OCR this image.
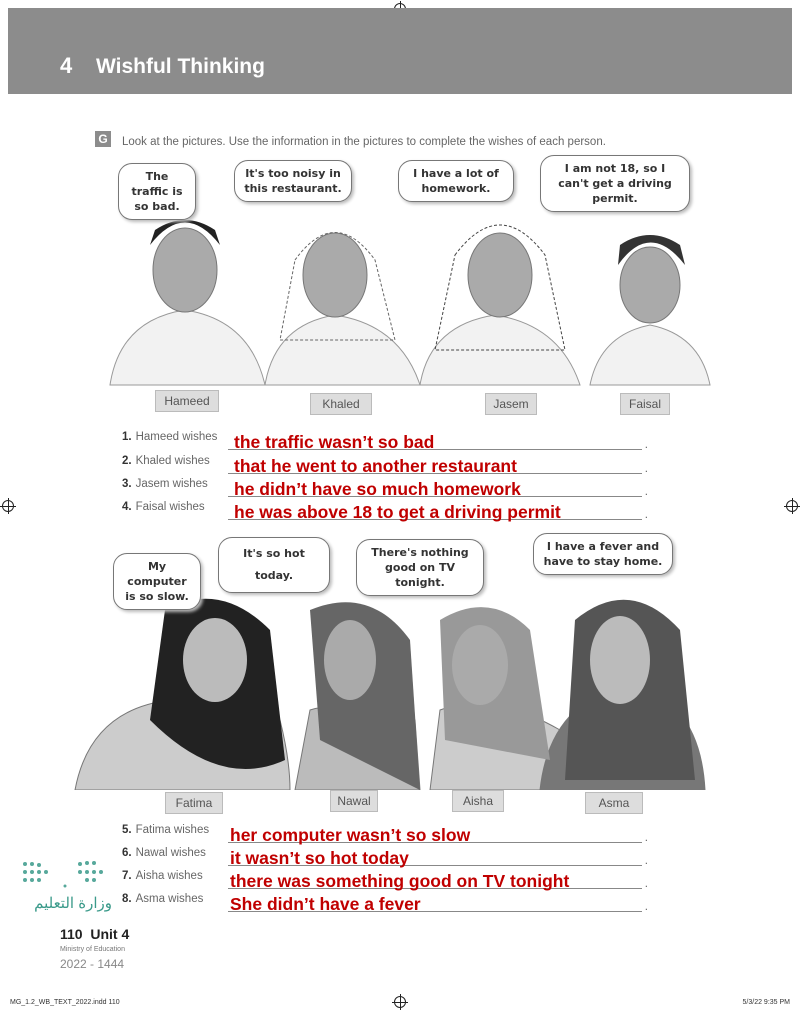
4 Wishful Thinking
G Look at the pictures. Use the information in the pictures to complete the wishes of each person.
The traffic is so bad.
It's too noisy in this restaurant.
I have a lot of homework.
I am not 18, so I can't get a driving permit.
Hameed	Khaled	Jasem	Faisal
1. Hameed wishes the traffic wasn’t so bad	.
2. Khaled wishes that he went to another restaurant	.
3. Jasem wishes he didn’t have so much homework	.
4. Faisal wishes he was above 18 to get a driving permit	.
My computer is so slow.
It's so hot today.
There's nothing good on TV tonight.
I have a fever and have to stay home.
Fatima	Nawal	Aisha	Asma
5. Fatima wishes her computer wasn’t so slow	.
6. Nawal wishes it wasn’t so hot today	.
7. Aisha wishes there was something good on TV tonight	.
8. Asma wishes She didn’t have a fever	.
وزارة التعليم
110 Unit 4
Ministry of Education
2022 - 1444
MG_1.2_WB_TEXT_2022.indd 110	5/3/22 9:35 PM
